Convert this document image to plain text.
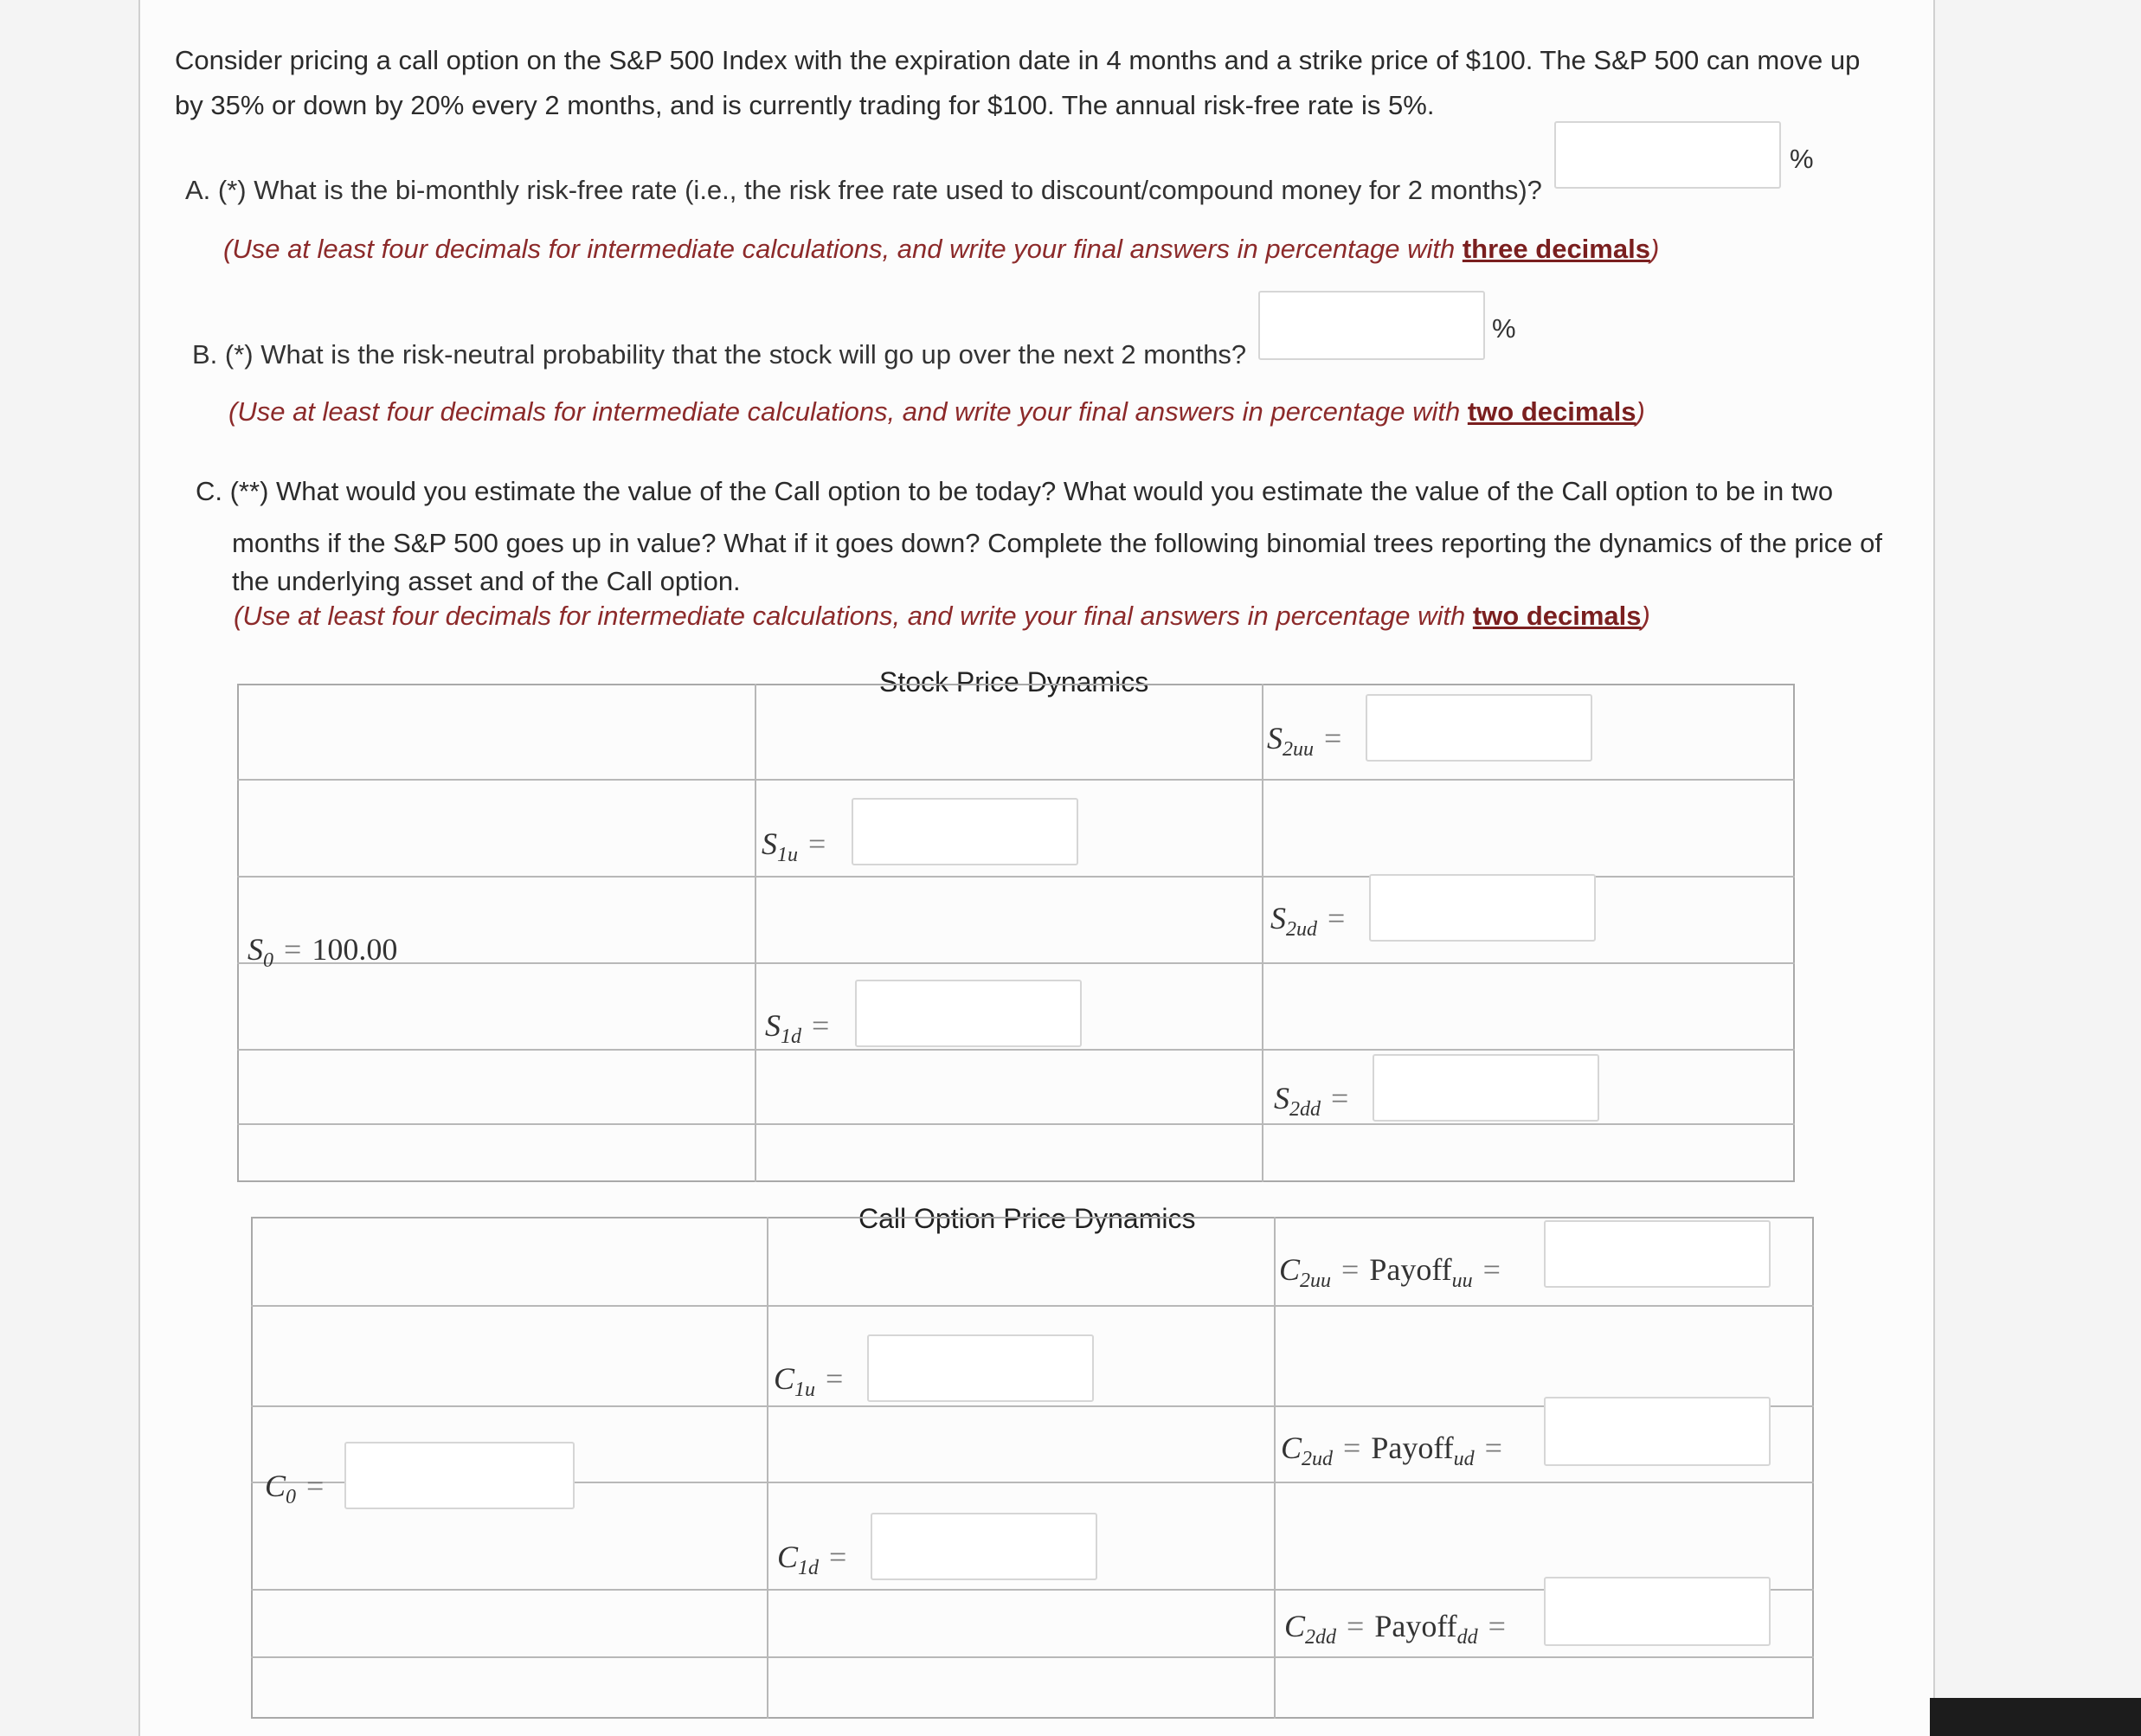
Consider pricing a call option on the S&P 500 Index with the expiration date in 4 months and a strike price of $100. The S&P 500 can move up
by 35% or down by 20% every 2 months, and is currently trading for $100. The annual risk-free rate is 5%.
A. (*) What is the bi-monthly risk-free rate (i.e., the risk free rate used to discount/compound money for 2 months)?
%
(Use at least four decimals for intermediate calculations, and write your final answers in percentage with three decimals)
B. (*) What is the risk-neutral probability that the stock will go up over the next 2 months?
%
(Use at least four decimals for intermediate calculations, and write your final answers in percentage with two decimals)
C. (**) What would you estimate the value of the Call option to be today? What would you estimate the value of the Call option to be in two
months if the S&P 500 goes up in value? What if it goes down? Complete the following binomial trees reporting the dynamics of the price of
the underlying asset and of the Call option.
(Use at least four decimals for intermediate calculations, and write your final answers in percentage with two decimals)
Stock Price Dynamics
$S_0 = 100.00$
$S_{1u}$ =
$S_{1d}$ =
$S_{2uu}$ =
$S_{2ud}$ =
$S_{2dd}$ =
Call Option Price Dynamics
$C_0$ =
$C_{1u}$ =
$C_{1d}$ =
$C_{2uu}$ = Payoff$_{uu}$ =
$C_{2ud}$ = Payoff$_{ud}$ =
$C_{2dd}$ = Payoff$_{dd}$ =
